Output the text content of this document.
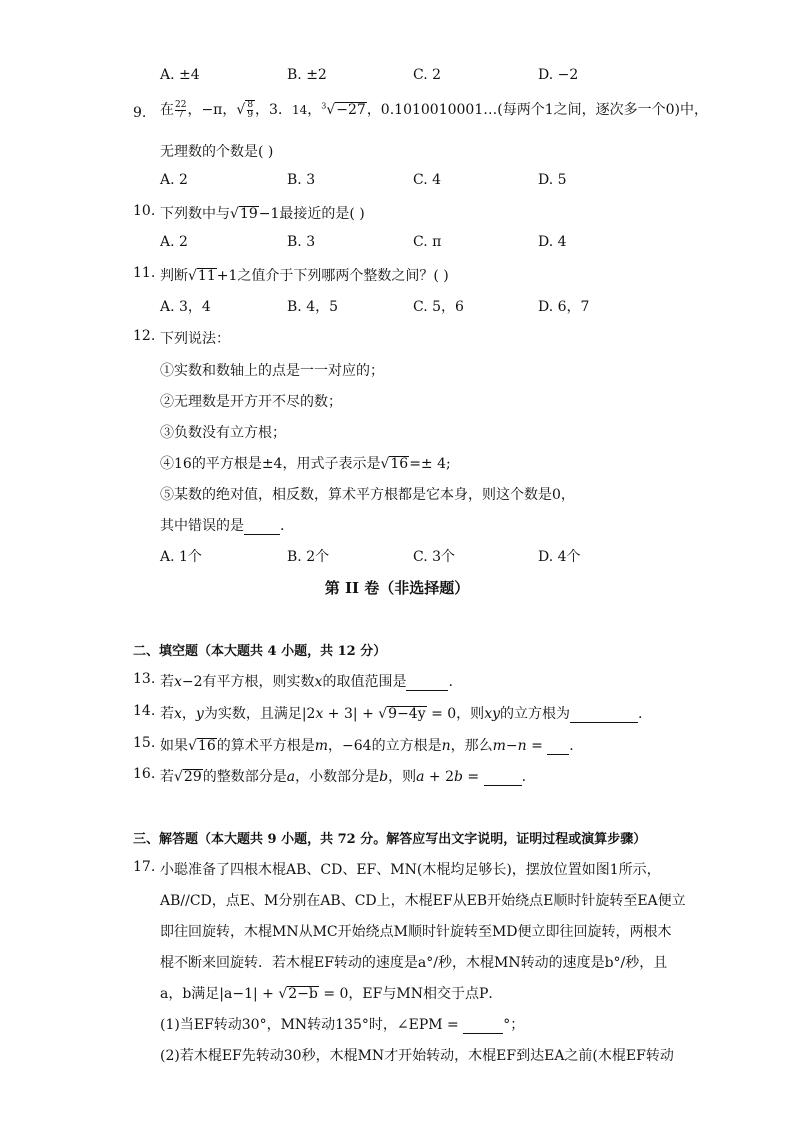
A. ±4	B. ±2	C. 2	D. −2
9. 在 $\frac{22}{7}$ ，−π，√ $\frac{8}{9}$ ，3．14，$^3$√−27，0.1010010001…(每两个1之间，逐次多一个0)中，
无理数的个数是( )
A. 2	B. 3	C. 4	D. 5
10. 下列数中与√19−1最接近的是( )
A. 2	B. 3	C. π	D. 4
11. 判断√11+1之值介于下列哪两个整数之间？( )
A. 3，4	B. 4，5	C. 5，6	D. 6，7
12. 下列说法：
①实数和数轴上的点是一一对应的；
②无理数是开方开不尽的数；
③负数没有立方根；
④16的平方根是±4，用式子表示是√16=± 4;
⑤某数的绝对值，相反数，算术平方根都是它本身，则这个数是0，
其中错误的是	.
A. 1个	B. 2个	C. 3个	D. 4个
第 II 卷（非选择题）
二、填空题（本大题共 4 小题，共 12 分）
13. 若x−2有平方根，则实数x的取值范围是	.
14. 若x，y为实数，且满足|2x + 3| + √9−4y = 0，则xy的立方根为	.
15. 如果√16的算术平方根是m，−64的立方根是n，那么m−n = .
16. 若√29的整数部分是a，小数部分是b，则a + 2b =	.
三、解答题（本大题共 9 小题，共 72 分。解答应写出文字说明，证明过程或演算步骤）
17. 小聪准备了四根木棍AB、CD、EF、MN(木棍均足够长)，摆放位置如图1所示，
AB//CD，点E、M分别在AB、CD上，木棍EF从EB开始绕点E顺时针旋转至EA便立
即往回旋转，木棍MN从MC开始绕点M顺时针旋转至MD便立即往回旋转，两根木
棍不断来回旋转．若木棍EF转动的速度是a°/秒，木棍MN转动的速度是b°/秒，且
a，b满足|a−1| + √2−b = 0，EF与MN相交于点P．
(1)当EF转动30°，MN转动135°时，∠EPM =	°；
(2)若木棍EF先转动30秒，木棍MN才开始转动，木棍EF到达EA之前(木棍EF转动
